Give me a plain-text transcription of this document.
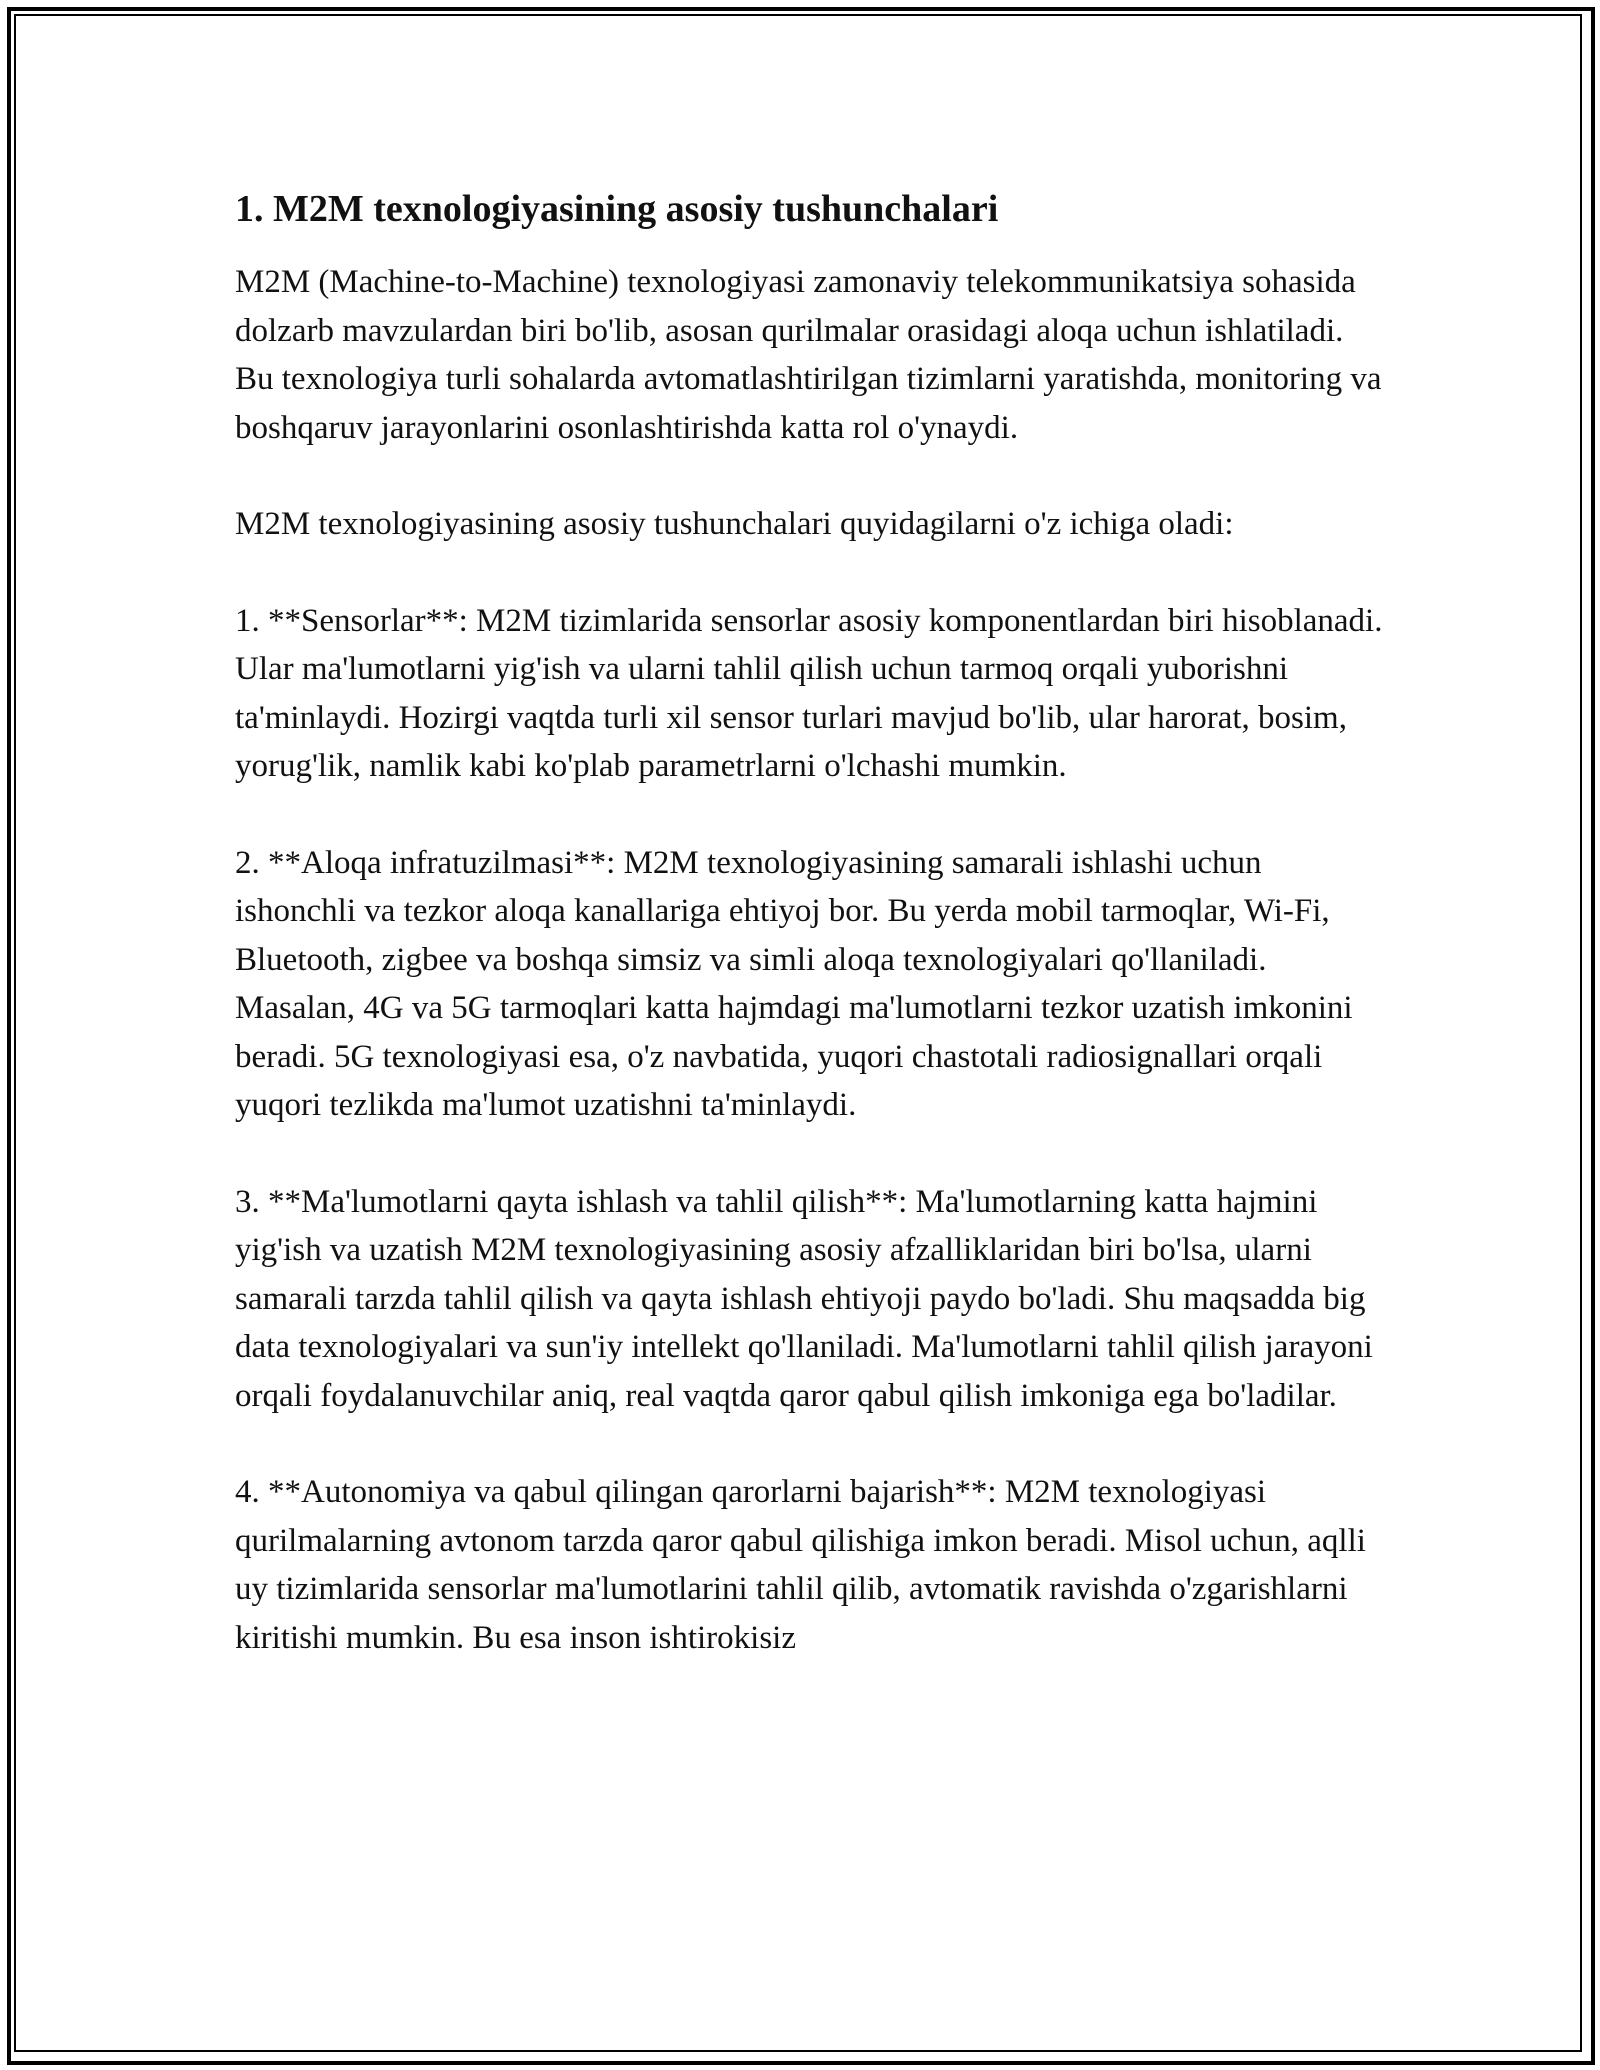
1. M2M texnologiyasining asosiy tushunchalari

M2M (Machine-to-Machine) texnologiyasi zamonaviy telekommunikatsiya sohasida dolzarb mavzulardan biri bo'lib, asosan qurilmalar orasidagi aloqa uchun ishlatiladi. Bu texnologiya turli sohalarda avtomatlashtirilgan tizimlarni yaratishda, monitoring va boshqaruv jarayonlarini osonlashtirishda katta rol o'ynaydi.

M2M texnologiyasining asosiy tushunchalari quyidagilarni o'z ichiga oladi:

1. **Sensorlar**: M2M tizimlarida sensorlar asosiy komponentlardan biri hisoblanadi. Ular ma'lumotlarni yig'ish va ularni tahlil qilish uchun tarmoq orqali yuborishni ta'minlaydi. Hozirgi vaqtda turli xil sensor turlari mavjud bo'lib, ular harorat, bosim, yorug'lik, namlik kabi ko'plab parametrlarni o'lchashi mumkin.

2. **Aloqa infratuzilmasi**: M2M texnologiyasining samarali ishlashi uchun ishonchli va tezkor aloqa kanallariga ehtiyoj bor. Bu yerda mobil tarmoqlar, Wi-Fi, Bluetooth, zigbee va boshqa simsiz va simli aloqa texnologiyalari qo'llaniladi. Masalan, 4G va 5G tarmoqlari katta hajmdagi ma'lumotlarni tezkor uzatish imkonini beradi. 5G texnologiyasi esa, o'z navbatida, yuqori chastotali radiosignallari orqali yuqori tezlikda ma'lumot uzatishni ta'minlaydi.

3. **Ma'lumotlarni qayta ishlash va tahlil qilish**: Ma'lumotlarning katta hajmini yig'ish va uzatish M2M texnologiyasining asosiy afzalliklaridan biri bo'lsa, ularni samarali tarzda tahlil qilish va qayta ishlash ehtiyoji paydo bo'ladi. Shu maqsadda big data texnologiyalari va sun'iy intellekt qo'llaniladi. Ma'lumotlarni tahlil qilish jarayoni orqali foydalanuvchilar aniq, real vaqtda qaror qabul qilish imkoniga ega bo'ladilar.

4. **Autonomiya va qabul qilingan qarorlarni bajarish**: M2M texnologiyasi qurilmalarning avtonom tarzda qaror qabul qilishiga imkon beradi. Misol uchun, aqlli uy tizimlarida sensorlar ma'lumotlarini tahlil qilib, avtomatik ravishda o'zgarishlarni kiritishi mumkin. Bu esa inson ishtirokisiz
